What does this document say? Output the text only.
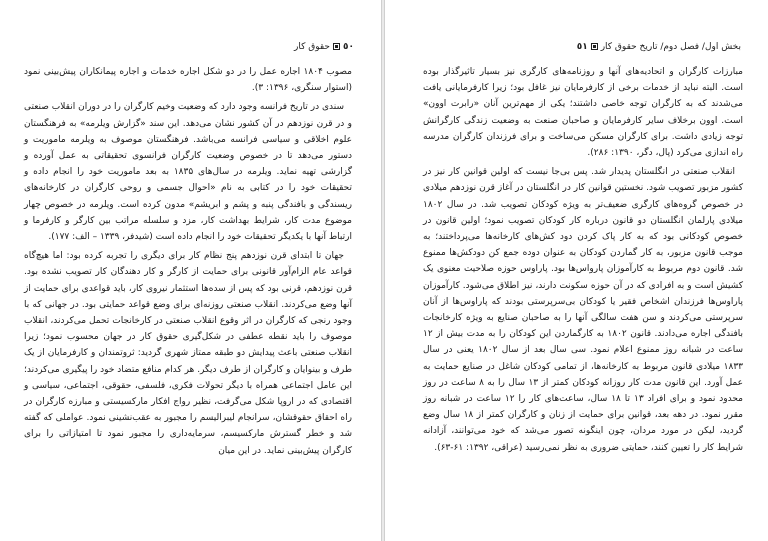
٥٠حقوق کار

مصوب ۱۸۰۴ اجاره عمل را در دو شکل اجاره خدمات و اجاره پیمانکاران پیش‌بینی نمود (استوار سنگری، ۱۳۹۶: ۳).

سندی در تاریخ فرانسه وجود دارد که وضعیت وخیم کارگران را در دوران انقلاب صنعتی و در قرن نوزدهم در آن کشور نشان می‌دهد. این سند «گزارش ویلرمه» به فرهنگستان علوم اخلاقی و سیاسی فرانسه می‌باشد. فرهنگستان موصوف به ویلرمه ماموریت و دستور می‌دهد تا در خصوص وضعیت کارگران فرانسوی تحقیقاتی به عمل آورده و گزارشی تهیه نماید. ویلرمه در سال‌های ۱۸۳۵ به بعد ماموریت خود را انجام داده و تحقیقات خود را در کتابی به نام «احوال جسمی و روحی کارگران در کارخانه‌های ریسندگی و بافندگی پنبه و پشم و ابریشم» مدون کرده است. ویلرمه در خصوص چهار موضوع مدت کار، شرایط بهداشت کار، مزد و سلسله مراتب بین کارگر و کارفرما و ارتباط آنها با یکدیگر تحقیقات خود را انجام داده است (شیدفر، ۱۳۳۹ – الف: ۱۷۷).

جهان تا ابتدای قرن نوزدهم پنج نظام کار برای دیگری را تجربه کرده بود: اما هیچ‌گاه قواعد عام الزام‌آور قانونی برای حمایت از کارگر و کار دهندگان کار تصویب نشده بود. قرن نوزدهم، قرنی بود که پس از سده‌ها استثمار نیروی کار، باید قواعدی برای حمایت از آنها وضع می‌کردند. انقلاب صنعتی روزنه‌ای برای وضع قواعد حمایتی بود. در جهانی که با وجود رنجی که کارگران در اثر وقوع انقلاب صنعتی در کارخانجات تحمل می‌کردند، انقلاب موصوف را باید نقطه عطفی در شکل‌گیری حقوق کار در جهان محسوب نمود؛ زیرا انقلاب صنعتی باعث پیدایش دو طبقه ممتاز شهری گردید: ثروتمندان و کارفرمایان از یک طرف و بینوایان و کارگران از طرف دیگر. هر کدام منافع متضاد خود را پیگیری می‌کردند؛ این عامل اجتماعی همراه با دیگر تحولات فکری، فلسفی، حقوقی، اجتماعی، سیاسی و اقتصادی که در اروپا شکل می‌گرفت، نظیر رواج افکار مارکسیستی و مبارزه کارگران در راه احقاق حقوقشان، سرانجام لیبرالیسم را مجبور به عقب‌نشینی نمود. عواملی که گفته شد و خطر گسترش مارکسیسم، سرمایه‌داری را مجبور نمود تا امتیازاتی را برای کارگران پیش‌بینی نماید. در این میان

بخش اول/ فصل دوم/ تاریخ حقوق کار٥١

مبارزات کارگران و اتحادیه‌های آنها و روزنامه‌های کارگری نیز بسیار تاثیرگذار بوده است. البته نباید از خدمات برخی از کارفرمایان نیز غافل بود؛ زیرا کارفرمایانی یافت می‌شدند که به کارگران توجه خاصی داشتند؛ یکی از مهم‌ترین آنان «رابرت اوون» است. اوون برخلاف سایر کارفرمایان و صاحبان صنعت به وضعیت زندگی کارگرانش توجه زیادی داشت. برای کارگران مسکن می‌ساخت و برای فرزندان کارگران مدرسه راه اندازی می‌کرد (پال، دگر، ۱۳۹۰: ۲۸۶).

انقلاب صنعتی در انگلستان پدیدار شد. پس بی‌جا نیست که اولین قوانین کار نیز در کشور مزبور تصویب شود. نخستین قوانین کار در انگلستان در آغاز قرن نوزدهم میلادی در خصوص گروه‌های کارگری ضعیف‌تر به ویژه کودکان تصویب شد. در سال ۱۸۰۲ میلادی پارلمان انگلستان دو قانون درباره کار کودکان تصویب نمود؛ اولین قانون در خصوص کودکانی بود که به کار پاک کردن دود کش‌های کارخانه‌ها می‌پرداختند؛ به موجب قانون مزبور، به کار گماردن کودکان به عنوان دوده جمع کن دودکش‌ها ممنوع شد. قانون دوم مربوط به کارآموزان پارواس‌ها بود. پاراوس حوزه صلاحیت معنوی یک کشیش است و به افرادی که در آن حوزه سکونت دارند، نیز اطلاق می‌شود. کارآموزان پاراوس‌ها فرزندان اشخاص فقیر یا کودکان بی‌سرپرستی بودند که پاراوس‌ها از آنان سرپرستی می‌کردند و سن هفت سالگی آنها را به صاحبان صنایع به ویژه کارخانجات بافندگی اجاره می‌دادند. قانون ۱۸۰۲ به کارگماردن این کودکان را به مدت بیش از ۱۲ ساعت در شبانه روز ممنوع اعلام نمود. سی سال بعد از سال ۱۸۰۲ یعنی در سال ۱۸۳۳ میلادی قانون مربوط به کارخانه‌ها، از تمامی کودکان شاغل در صنایع حمایت به عمل آورد. این قانون مدت کار روزانه کودکان کمتر از ۱۳ سال را به ۸ ساعت در روز محدود نمود و برای افراد ۱۳ تا ۱۸ سال، ساعت‌های کار را ۱۲ ساعت در شبانه روز مقرر نمود. در دهه بعد، قوانین برای حمایت از زنان و کارگران کمتر از ۱۸ سال وضع گردید، لیکن در مورد مردان، چون اینگونه تصور می‌شد که خود می‌توانند، آزادانه شرایط کار را تعیین کنند، حمایتی ضروری به نظر نمی‌رسید (عراقی، ۱۳۹۲: ۶۱-۶۳).
